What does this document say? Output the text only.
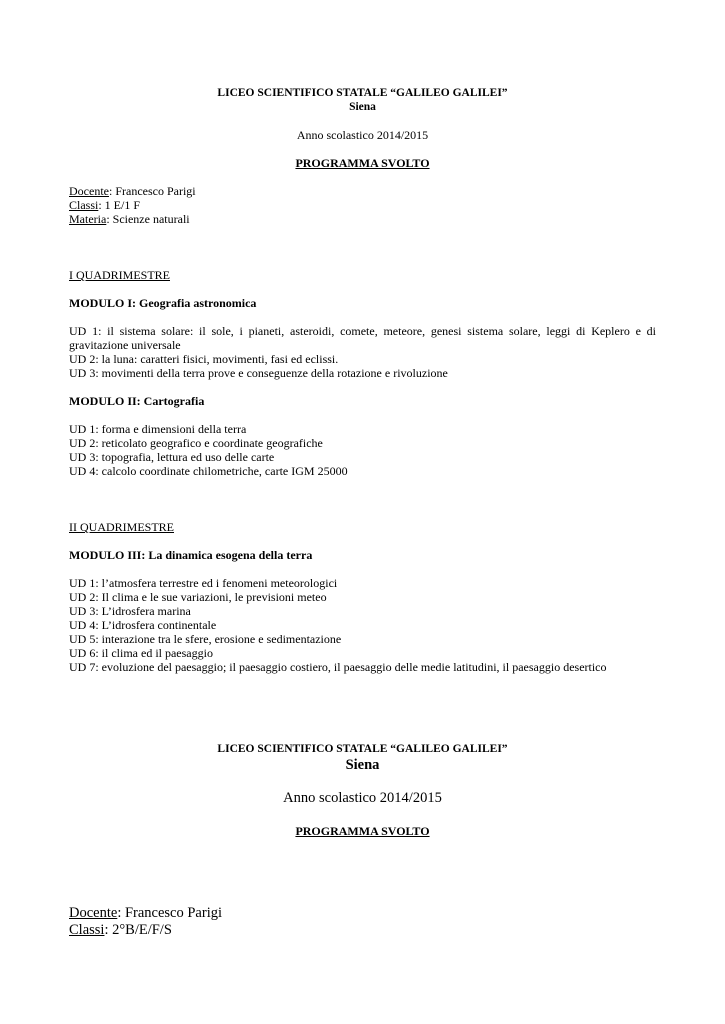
LICEO SCIENTIFICO STATALE “GALILEO GALILEI”
Siena
Anno scolastico 2014/2015
PROGRAMMA SVOLTO
Docente: Francesco Parigi
Classi: 1 E/1 F
Materia: Scienze naturali
I QUADRIMESTRE
MODULO I: Geografia astronomica
UD 1: il sistema solare: il sole, i pianeti, asteroidi, comete, meteore, genesi sistema solare, leggi di Keplero e di gravitazione universale
UD 2: la luna: caratteri fisici, movimenti, fasi ed eclissi.
UD 3: movimenti della terra prove e conseguenze della rotazione e rivoluzione
MODULO II: Cartografia
UD 1: forma e dimensioni della terra
UD 2: reticolato geografico e coordinate geografiche
UD 3: topografia, lettura ed uso delle carte
UD 4: calcolo coordinate chilometriche, carte IGM 25000
II QUADRIMESTRE
MODULO III: La dinamica esogena della terra
UD 1: l’atmosfera terrestre ed i fenomeni meteorologici
UD 2: Il clima e le sue variazioni, le previsioni meteo
UD 3: L’idrosfera marina
UD 4: L’idrosfera continentale
UD 5: interazione tra le sfere, erosione e sedimentazione
UD 6: il clima ed il paesaggio
UD 7: evoluzione del paesaggio; il paesaggio costiero, il paesaggio delle medie latitudini, il paesaggio desertico
LICEO SCIENTIFICO STATALE “GALILEO GALILEI”
Siena
Anno scolastico 2014/2015
PROGRAMMA SVOLTO
Docente: Francesco Parigi
Classi: 2°B/E/F/S
